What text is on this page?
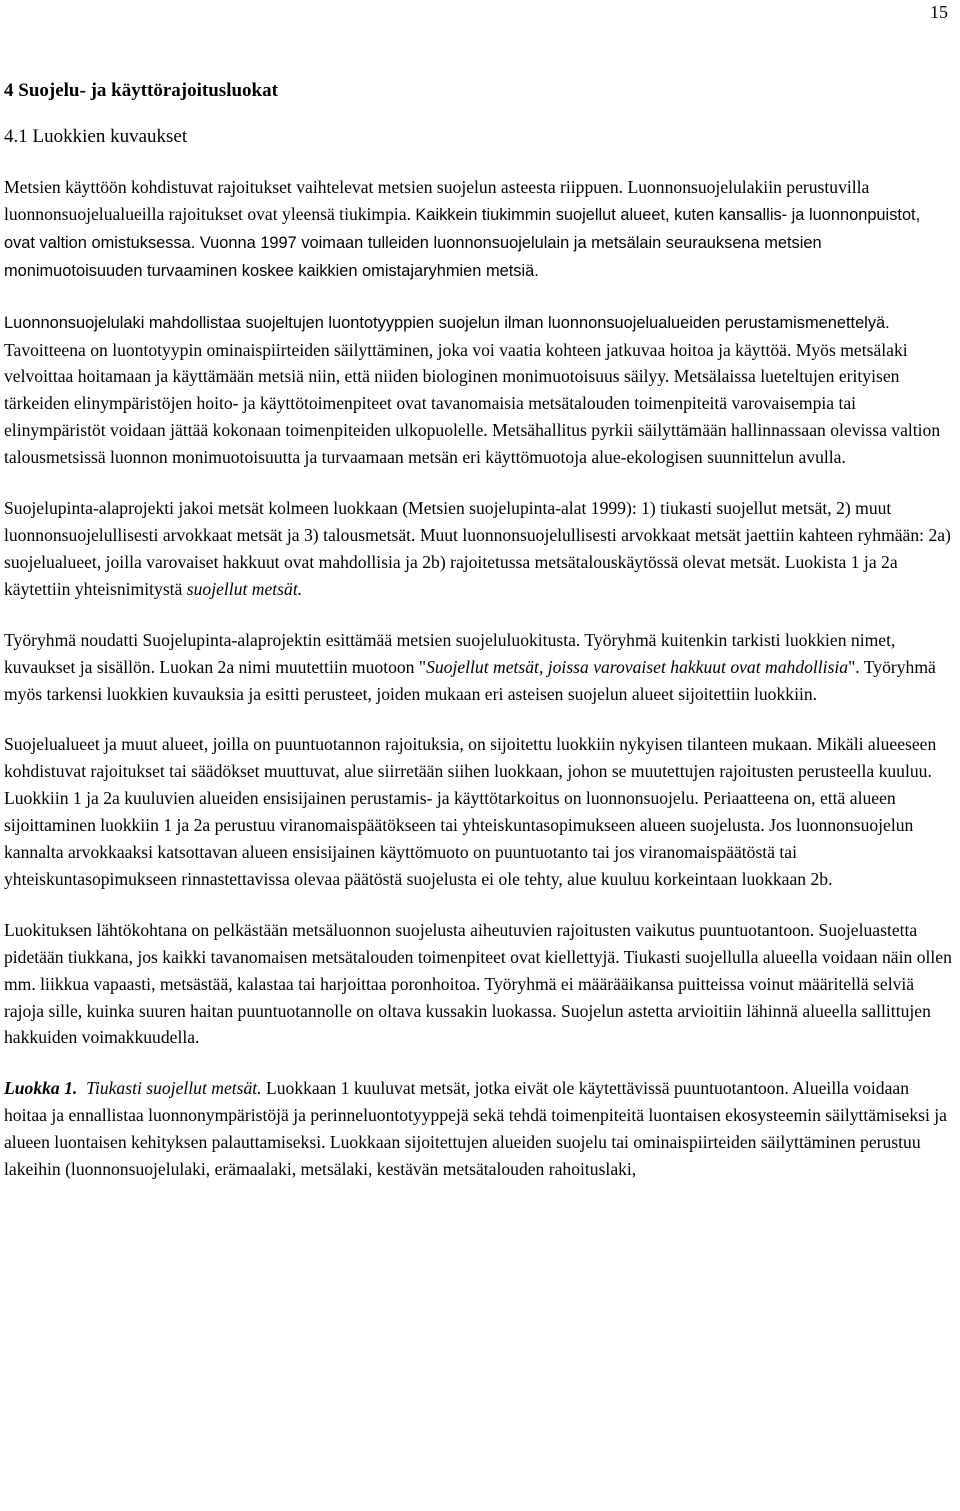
15
4 Suojelu- ja käyttörajoitusluokat
4.1 Luokkien kuvaukset

Metsien käyttöön kohdistuvat rajoitukset vaihtelevat metsien suojelun asteesta riippuen. Luonnonsuojelulakiin perustuvilla luonnonsuojelualueilla rajoitukset ovat yleensä tiukimpia. Kaikkein tiukimmin suojellut alueet, kuten kansallis- ja luonnonpuistot, ovat valtion omistuksessa. Vuonna 1997 voimaan tulleiden luonnonsuojelulain ja metsälain seurauksena metsien monimuotoisuuden turvaaminen koskee kaikkien omistajaryhmien metsiä.

Luonnonsuojelulaki mahdollistaa suojeltujen luontotyyppien suojelun ilman luonnonsuojelualueiden perustamismenettelyä. Tavoitteena on luontotyypin ominaispiirteiden säilyttäminen, joka voi vaatia kohteen jatkuvaa hoitoa ja käyttöä. Myös metsälaki velvoittaa hoitamaan ja käyttämään metsiä niin, että niiden biologinen monimuotoisuus säilyy. Metsälaissa lueteltujen erityisen tärkeiden elinympäristöjen hoito- ja käyttötoimenpiteet ovat tavanomaisia metsätalouden toimenpiteitä varovaisempia tai elinympäristöt voidaan jättää kokonaan toimenpiteiden ulkopuolelle. Metsähallitus pyrkii säilyttämään hallinnassaan olevissa valtion talousmetsissä luonnon monimuotoisuutta ja turvaamaan metsän eri käyttömuotoja alue-ekologisen suunnittelun avulla.

Suojelupinta-alaprojekti jakoi metsät kolmeen luokkaan (Metsien suojelupinta-alat 1999): 1) tiukasti suojellut metsät, 2) muut luonnonsuojelullisesti arvokkaat metsät ja 3) talousmetsät. Muut luonnonsuojelullisesti arvokkaat metsät jaettiin kahteen ryhmään: 2a) suojelualueet, joilla varovaiset hakkuut ovat mahdollisia ja 2b) rajoitetussa metsätalouskäytössä olevat metsät. Luokista 1 ja 2a käytettiin yhteisnimitystä suojellut metsät.

Työryhmä noudatti Suojelupinta-alaprojektin esittämää metsien suojeluluokitusta. Työryhmä kuitenkin tarkisti luokkien nimet, kuvaukset ja sisällön. Luokan 2a nimi muutettiin muotoon "Suojellut metsät, joissa varovaiset hakkuut ovat mahdollisia". Työryhmä myös tarkensi luokkien kuvauksia ja esitti perusteet, joiden mukaan eri asteisen suojelun alueet sijoitettiin luokkiin.

Suojelualueet ja muut alueet, joilla on puuntuotannon rajoituksia, on sijoitettu luokkiin nykyisen tilanteen mukaan. Mikäli alueeseen kohdistuvat rajoitukset tai säädökset muuttuvat, alue siirretään siihen luokkaan, johon se muutettujen rajoitusten perusteella kuuluu. Luokkiin 1 ja 2a kuuluvien alueiden ensisijainen perustamis- ja käyttötarkoitus on luonnonsuojelu. Periaatteena on, että alueen sijoittaminen luokkiin 1 ja 2a perustuu viranomaispäätökseen tai yhteiskuntasopimukseen alueen suojelusta. Jos luonnonsuojelun kannalta arvokkaaksi katsottavan alueen ensisijainen käyttömuoto on puuntuotanto tai jos viranomaispäätöstä tai yhteiskuntasopimukseen rinnastettavissa olevaa päätöstä suojelusta ei ole tehty, alue kuuluu korkeintaan luokkaan 2b.

Luokituksen lähtökohtana on pelkästään metsäluonnon suojelusta aiheutuvien rajoitusten vaikutus puuntuotantoon. Suojeluastetta pidetään tiukkana, jos kaikki tavanomaisen metsätalouden toimenpiteet ovat kiellettyjä. Tiukasti suojellulla alueella voidaan näin ollen mm. liikkua vapaasti, metsästää, kalastaa tai harjoittaa poronhoitoa. Työryhmä ei määrääikansa puitteissa voinut määritellä selviä rajoja sille, kuinka suuren haitan puuntuotannolle on oltava kussakin luokassa. Suojelun astetta arvioitiin lähinnä alueella sallittujen hakkuiden voimakkuudella.

Luokka 1. Tiukasti suojellut metsät. Luokkaan 1 kuuluvat metsät, jotka eivät ole käytettävissä puuntuotantoon. Alueilla voidaan hoitaa ja ennallistaa luonnonympäristöjä ja perinneluontotyyppejä sekä tehdä toimenpiteitä luontaisen ekosysteemin säilyttämiseksi ja alueen luontaisen kehityksen palauttamiseksi. Luokkaan sijoitettujen alueiden suojelu tai ominaispiirteiden säilyttäminen perustuu lakeihin (luonnonsuojelulaki, erämaalaki, metsälaki, kestävän metsätalouden rahoituslaki,
